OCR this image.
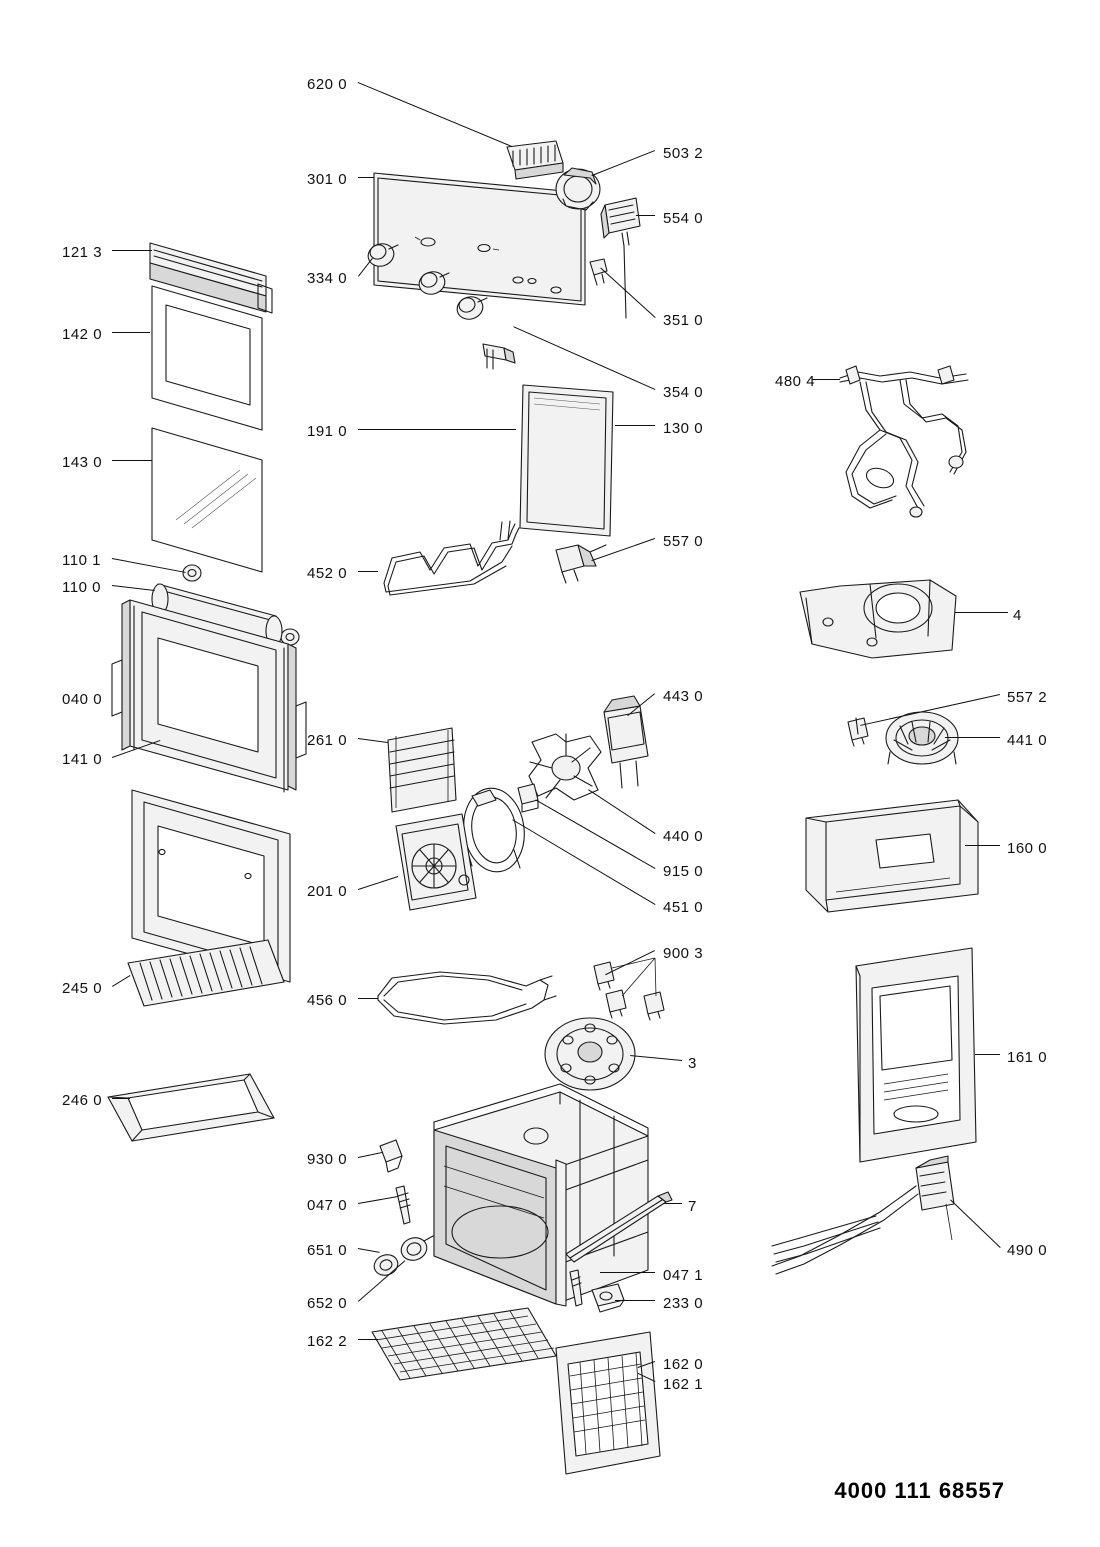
620 0
503 2
301 0
554 0
121 3
334 0
142 0
351 0
354 0
480 4
191 0	130 0
143 0
557 0
452 0
110 1
110 0
4
040 0	443 0	557 2
441 0
261 0
141 0
440 0
160 0
915 0
201 0
451 0
900 3
245 0
456 0
3	161 0
246 0
930 0
047 0	7
490 0
651 0
047 1
652 0	233 0
162 2
162 0
162 1
4000 111 68557
